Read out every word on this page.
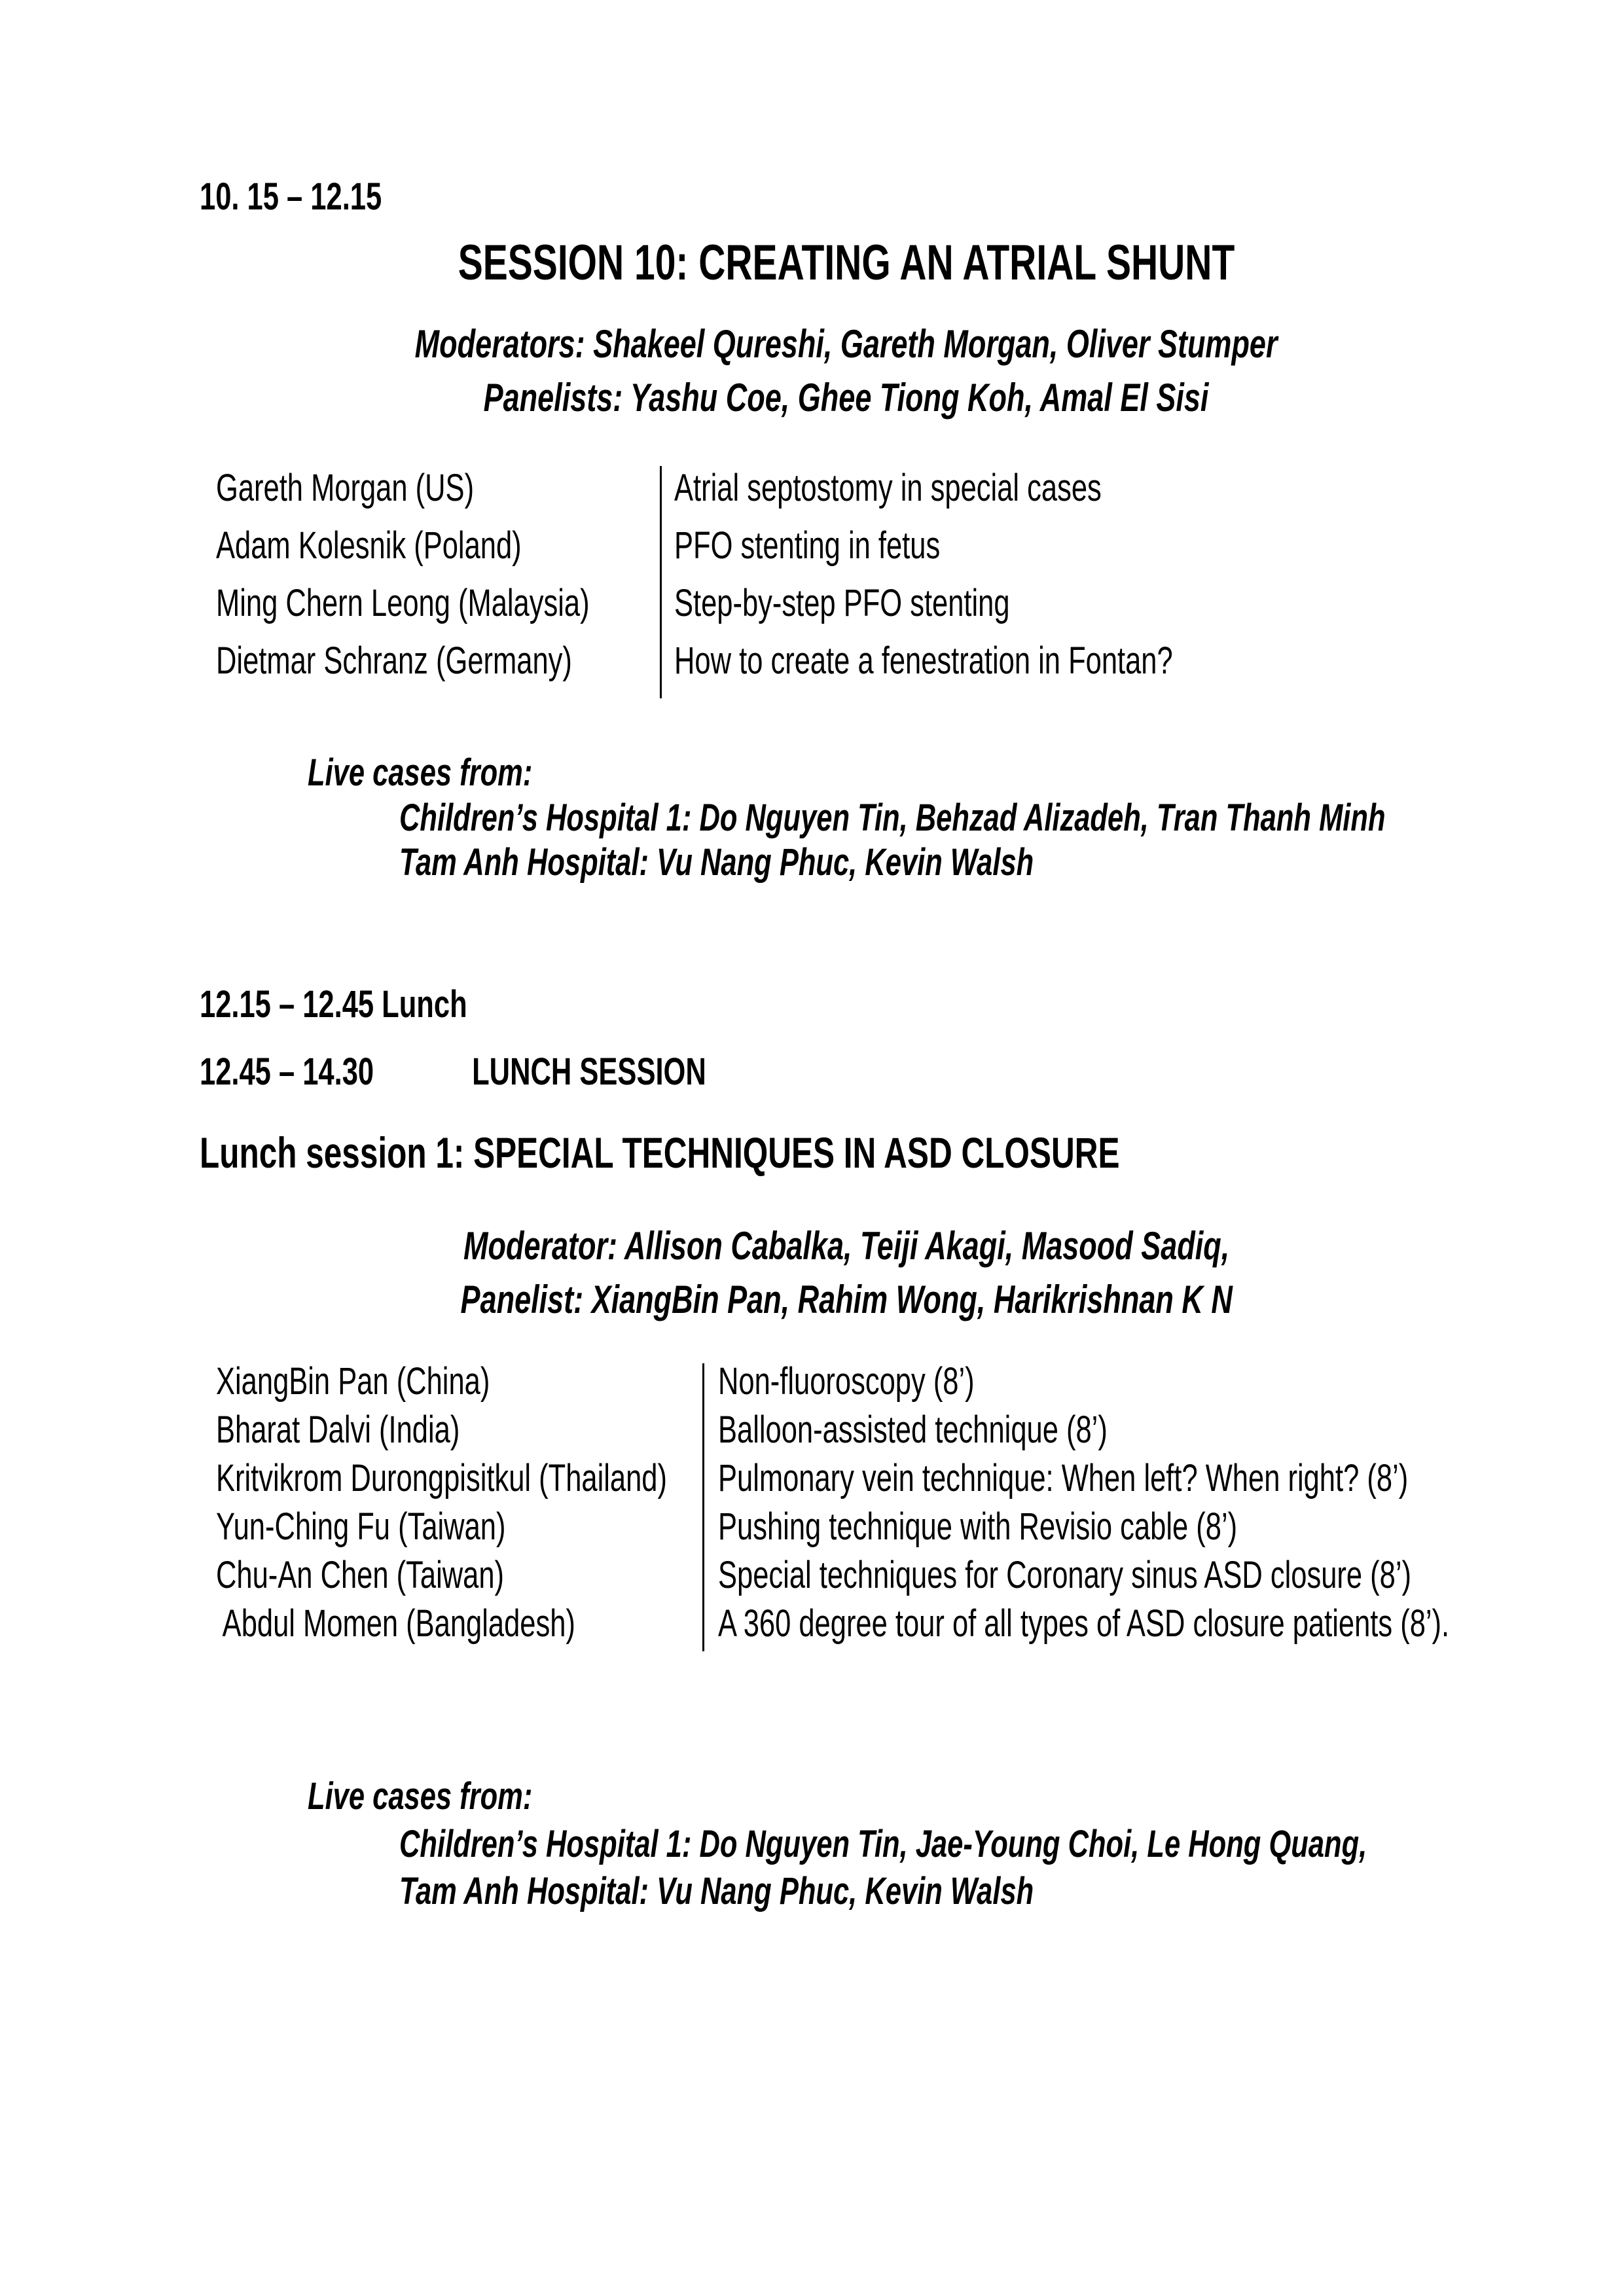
10. 15 – 12.15
SESSION 10: CREATING AN ATRIAL SHUNT
Moderators: Shakeel Qureshi, Gareth Morgan, Oliver Stumper
Panelists: Yashu Coe, Ghee Tiong Koh, Amal El Sisi
Gareth Morgan (US)
Adam Kolesnik (Poland)
Ming Chern Leong (Malaysia)
Dietmar Schranz (Germany)
Atrial septostomy in special cases
PFO stenting in fetus
Step-by-step PFO stenting
How to create a fenestration in Fontan?
Live cases from:
Children’s Hospital 1: Do Nguyen Tin, Behzad Alizadeh, Tran Thanh Minh
Tam Anh Hospital: Vu Nang Phuc, Kevin Walsh
12.15 – 12.45 Lunch
12.45 – 14.30	LUNCH SESSION
Lunch session 1: SPECIAL TECHNIQUES IN ASD CLOSURE
Moderator: Allison Cabalka, Teiji Akagi, Masood Sadiq,
Panelist: XiangBin Pan, Rahim Wong, Harikrishnan K N
XiangBin Pan (China)
Bharat Dalvi (India)
Kritvikrom Durongpisitkul (Thailand)
Yun-Ching Fu (Taiwan)
Chu-An Chen (Taiwan)
Abdul Momen (Bangladesh)
Non-fluoroscopy (8’)
Balloon-assisted technique (8’)
Pulmonary vein technique: When left? When right? (8’)
Pushing technique with Revisio cable (8’)
Special techniques for Coronary sinus ASD closure (8’)
A 360 degree tour of all types of ASD closure patients (8’).
Live cases from:
Children’s Hospital 1: Do Nguyen Tin, Jae-Young Choi, Le Hong Quang,
Tam Anh Hospital: Vu Nang Phuc, Kevin Walsh
